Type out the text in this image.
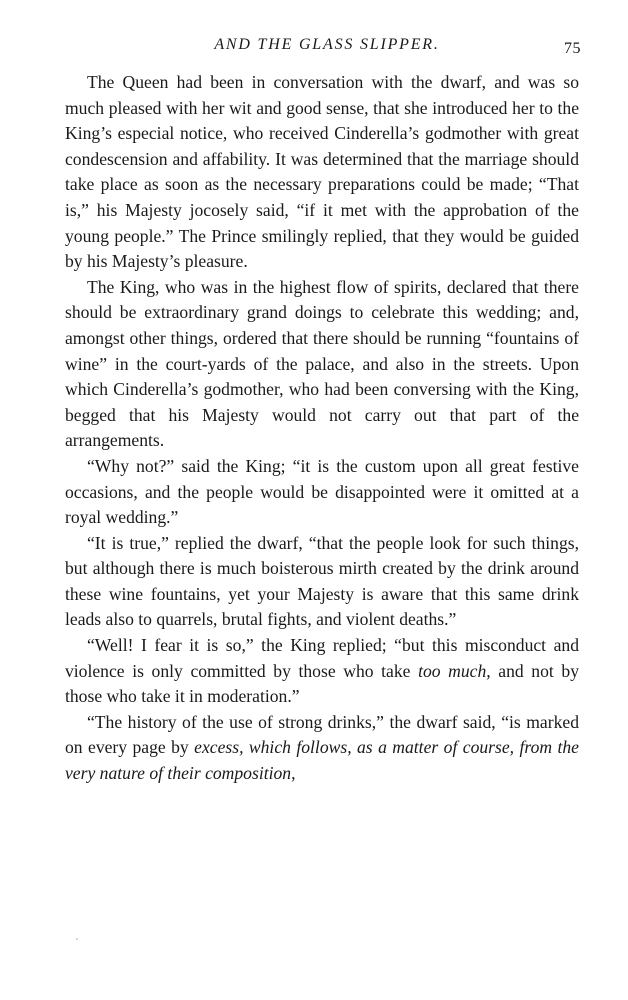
AND THE GLASS SLIPPER.	75

The Queen had been in conversation with the dwarf, and was so much pleased with her wit and good sense, that she introduced her to the King’s especial notice, who received Cinderella’s godmother with great condescension and affability. It was determined that the marriage should take place as soon as the necessary preparations could be made; “That is,” his Majesty jocosely said, “if it met with the approbation of the young people.” The Prince smilingly replied, that they would be guided by his Majesty’s pleasure.

The King, who was in the highest flow of spirits, declared that there should be extraordinary grand doings to celebrate this wedding; and, amongst other things, ordered that there should be running “fountains of wine” in the court-yards of the palace, and also in the streets. Upon which Cinderella’s godmother, who had been conversing with the King, begged that his Majesty would not carry out that part of the arrangements.

“Why not?” said the King; “it is the custom upon all great festive occasions, and the people would be disappointed were it omitted at a royal wedding.”

“It is true,” replied the dwarf, “that the people look for such things, but although there is much boisterous mirth created by the drink around these wine fountains, yet your Majesty is aware that this same drink leads also to quarrels, brutal fights, and violent deaths.”

“Well! I fear it is so,” the King replied; “but this misconduct and violence is only committed by those who take too much, and not by those who take it in moderation.”

“The history of the use of strong drinks,” the dwarf said, “is marked on every page by excess, which follows, as a matter of course, from the very nature of their composition,
